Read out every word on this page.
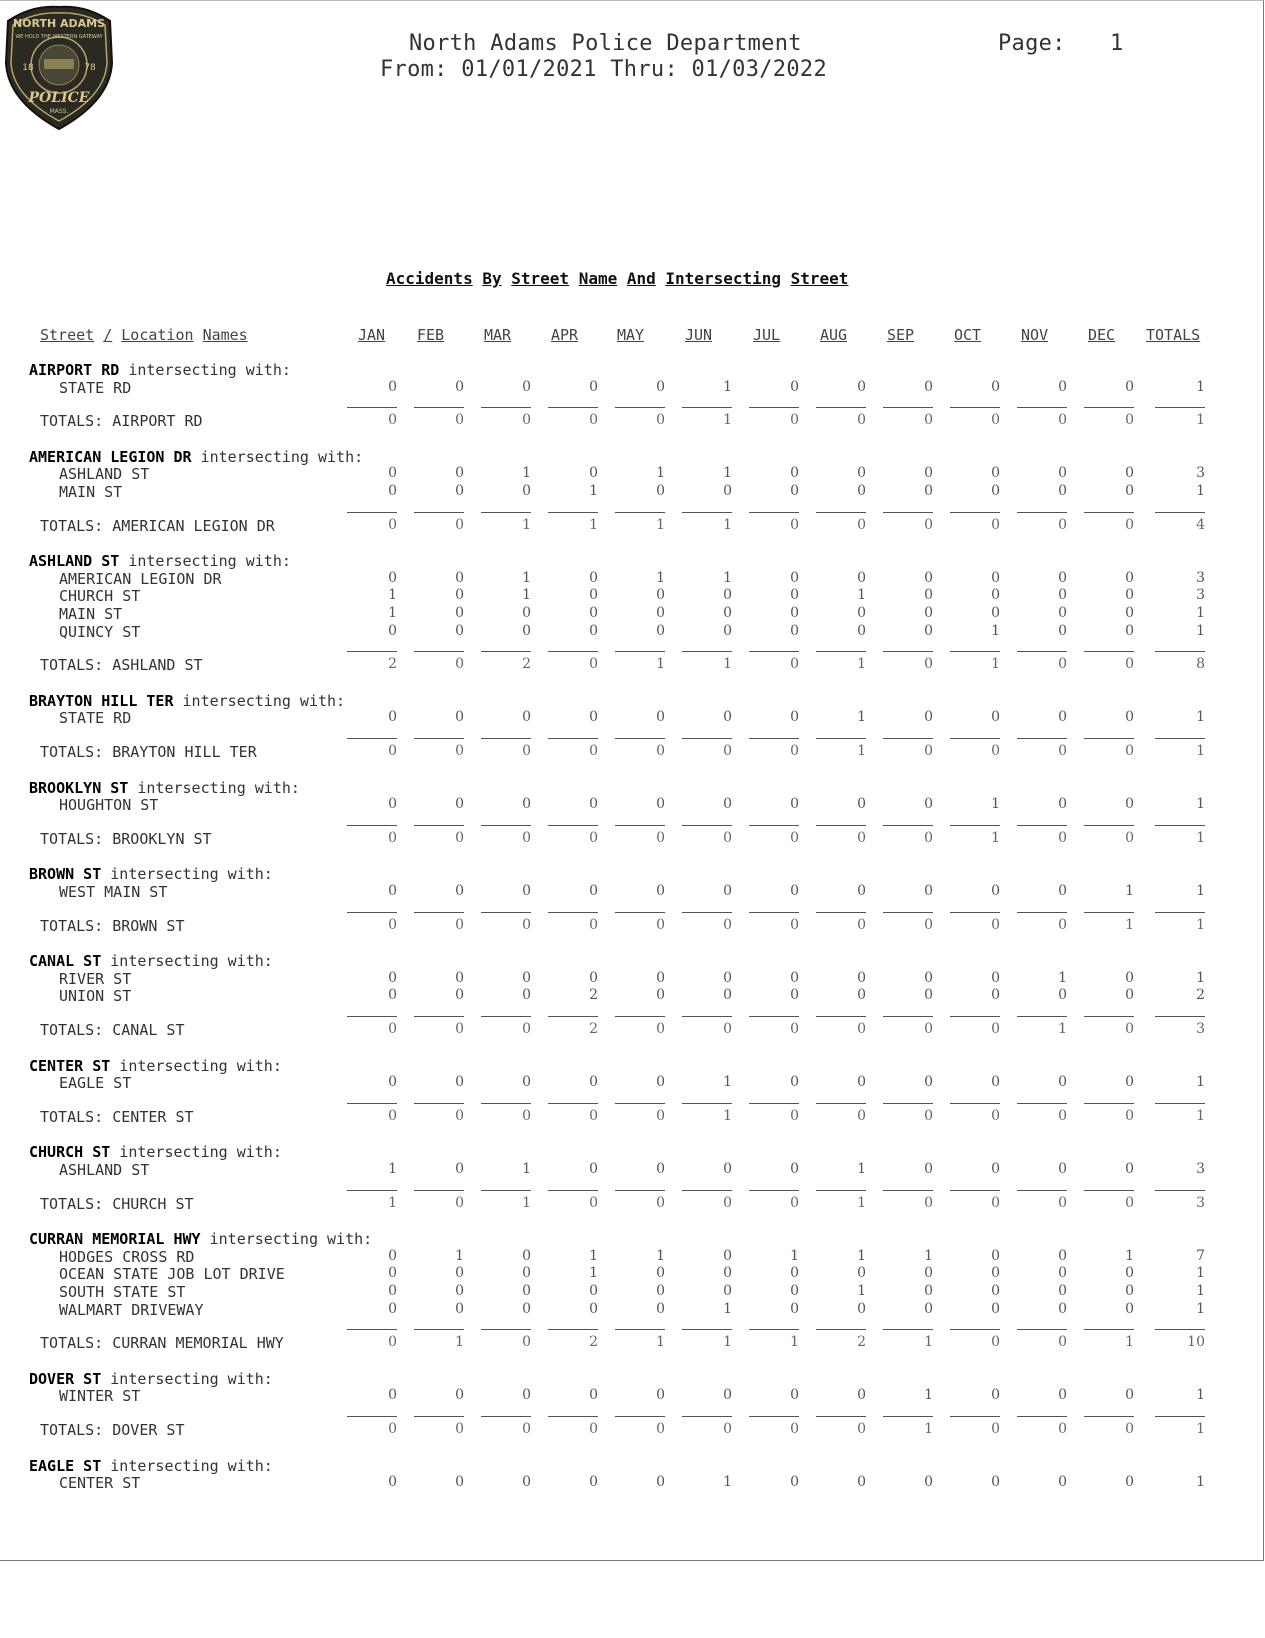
NORTH ADAMS
WE HOLD THE WESTERN GATEWAY
18	78
POLICE
MASS.
North Adams Police Department
From: 01/01/2021 Thru: 01/03/2022
Page: 1
Accidents By Street Name And Intersecting Street
Street / Location Names	JAN FEB	MAR	APR	MAY	JUN	JUL	AUG	SEP	OCT	NOV	DEC TOTALS
AIRPORT RD intersecting with:
STATE RD	0	0	0	0	0	1	0	0	0	0	0	0	1
TOTALS: AIRPORT RD	0	0	0	0	0	1	0	0	0	0	0	0	1
AMERICAN LEGION DR intersecting with:
ASHLAND ST	0	0	1	0	1	1	0	0	0	0	0	0	3
MAIN ST	0	0	0	1	0	0	0	0	0	0	0	0	1
TOTALS: AMERICAN LEGION DR	0	0	1	1	1	1	0	0	0	0	0	0	4
ASHLAND ST intersecting with:
AMERICAN LEGION DR	0	0	1	0	1	1	0	0	0	0	0	0	3
CHURCH ST	1	0	1	0	0	0	0	1	0	0	0	0	3
MAIN ST	1	0	0	0	0	0	0	0	0	0	0	0	1
QUINCY ST	0	0	0	0	0	0	0	0	0	1	0	0	1
TOTALS: ASHLAND ST	2	0	2	0	1	1	0	1	0	1	0	0	8
BRAYTON HILL TER intersecting with:
STATE RD	0	0	0	0	0	0	0	1	0	0	0	0	1
TOTALS: BRAYTON HILL TER	0	0	0	0	0	0	0	1	0	0	0	0	1
BROOKLYN ST intersecting with:
HOUGHTON ST	0	0	0	0	0	0	0	0	0	1	0	0	1
TOTALS: BROOKLYN ST	0	0	0	0	0	0	0	0	0	1	0	0	1
BROWN ST intersecting with:
WEST MAIN ST	0	0	0	0	0	0	0	0	0	0	0	1	1
TOTALS: BROWN ST	0	0	0	0	0	0	0	0	0	0	0	1	1
CANAL ST intersecting with:
RIVER ST	0	0	0	0	0	0	0	0	0	0	1	0	1
UNION ST	0	0	0	2	0	0	0	0	0	0	0	0	2
TOTALS: CANAL ST	0	0	0	2	0	0	0	0	0	0	1	0	3
CENTER ST intersecting with:
EAGLE ST	0	0	0	0	0	1	0	0	0	0	0	0	1
TOTALS: CENTER ST	0	0	0	0	0	1	0	0	0	0	0	0	1
CHURCH ST intersecting with:
ASHLAND ST	1	0	1	0	0	0	0	1	0	0	0	0	3
TOTALS: CHURCH ST	1	0	1	0	0	0	0	1	0	0	0	0	3
CURRAN MEMORIAL HWY intersecting with:
HODGES CROSS RD	0	1	0	1	1	0	1	1	1	0	0	1	7
OCEAN STATE JOB LOT DRIVE	0	0	0	1	0	0	0	0	0	0	0	0	1
SOUTH STATE ST	0	0	0	0	0	0	0	1	0	0	0	0	1
WALMART DRIVEWAY	0	0	0	0	0	1	0	0	0	0	0	0	1
TOTALS: CURRAN MEMORIAL HWY	0	1	0	2	1	1	1	2	1	0	0	1	10
DOVER ST intersecting with:
WINTER ST	0	0	0	0	0	0	0	0	1	0	0	0	1
TOTALS: DOVER ST	0	0	0	0	0	0	0	0	1	0	0	0	1
EAGLE ST intersecting with:
CENTER ST	0	0	0	0	0	1	0	0	0	0	0	0	1
